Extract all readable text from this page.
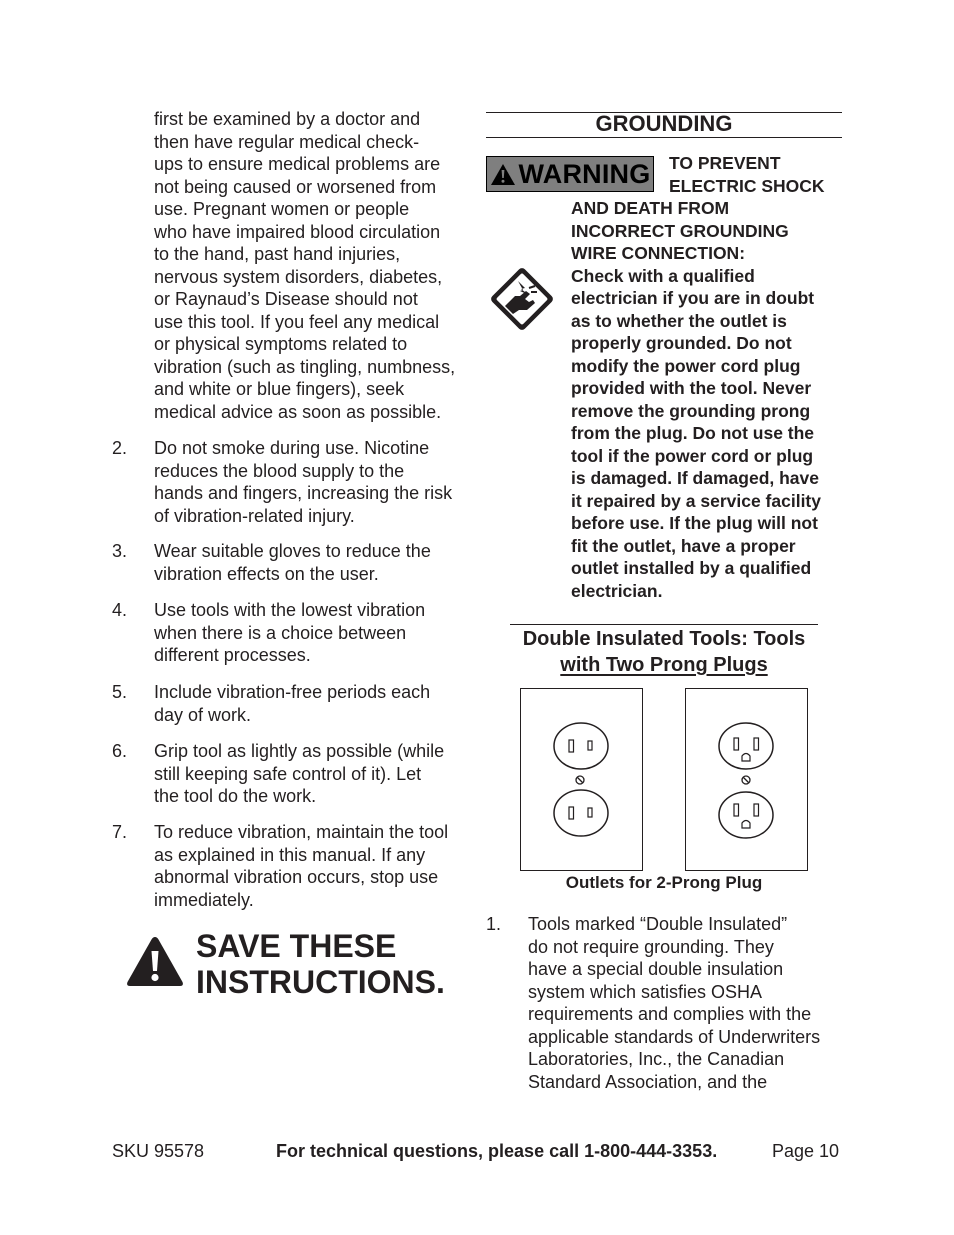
first be examined by a doctor and
then have regular medical check-
ups to ensure medical problems are
not being caused or worsened from
use. Pregnant women or people
who have impaired blood circulation
to the hand, past hand injuries,
nervous system disorders, diabetes,
or Raynaud’s Disease should not
use this tool. If you feel any medical
or physical symptoms related to
vibration (such as tingling, numbness,
and white or blue fingers), seek
medical advice as soon as possible.
2. Do not smoke during use. Nicotine
reduces the blood supply to the
hands and fingers, increasing the risk
of vibration-related injury.
3. Wear suitable gloves to reduce the
vibration effects on the user.
4. Use tools with the lowest vibration
when there is a choice between
different processes.
5. Include vibration-free periods each
day of work.
6. Grip tool as lightly as possible (while
still keeping safe control of it). Let
the tool do the work.
7. To reduce vibration, maintain the tool
as explained in this manual. If any
abnormal vibration occurs, stop use
immediately.
SAVE THESE
INSTRUCTIONS.
GROUNDING
WARNING TO PREVENT
ELECTRIC SHOCK
AND DEATH FROM
INCORRECT GROUNDING
WIRE CONNECTION:
Check with a qualified
electrician if you are in doubt
as to whether the outlet is
properly grounded. Do not
modify the power cord plug
provided with the tool. Never
remove the grounding prong
from the plug. Do not use the
tool if the power cord or plug
is damaged. If damaged, have
it repaired by a service facility
before use. If the plug will not
fit the outlet, have a proper
outlet installed by a qualified
electrician.
Double Insulated Tools: Tools
with Two Prong Plugs
Outlets for 2-Prong Plug
1. Tools marked “Double Insulated”
do not require grounding. They
have a special double insulation
system which satisfies OSHA
requirements and complies with the
applicable standards of Underwriters
Laboratories, Inc., the Canadian
Standard Association, and the
SKU 95578	For technical questions, please call 1-800-444-3353.	Page 10
